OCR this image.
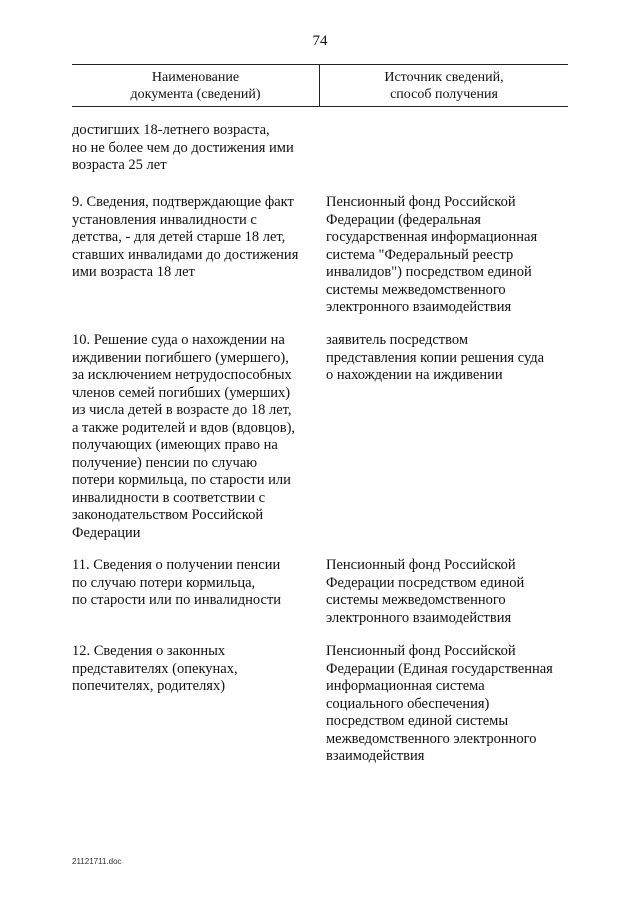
74
Наименование
документа (сведений)
Источник сведений,
способ получения
достигших 18-летнего возраста,
но не более чем до достижения ими
возраста 25 лет
9. Сведения, подтверждающие факт
установления инвалидности с
детства, - для детей старше 18 лет,
ставших инвалидами до достижения
ими возраста 18 лет
Пенсионный фонд Российской
Федерации (федеральная
государственная информационная
система "Федеральный реестр
инвалидов") посредством единой
системы межведомственного
электронного взаимодействия
10. Решение суда о нахождении на
иждивении погибшего (умершего),
за исключением нетрудоспособных
членов семей погибших (умерших)
из числа детей в возрасте до 18 лет,
а также родителей и вдов (вдовцов),
получающих (имеющих право на
получение) пенсии по случаю
потери кормильца, по старости или
инвалидности в соответствии с
законодательством Российской
Федерации
заявитель посредством
представления копии решения суда
о нахождении на иждивении
11. Сведения о получении пенсии
по случаю потери кормильца,
по старости или по инвалидности
Пенсионный фонд Российской
Федерации посредством единой
системы межведомственного
электронного взаимодействия
12. Сведения о законных
представителях (опекунах,
попечителях, родителях)
Пенсионный фонд Российской
Федерации (Единая государственная
информационная система
социального обеспечения)
посредством единой системы
межведомственного электронного
взаимодействия
21121711.doc
